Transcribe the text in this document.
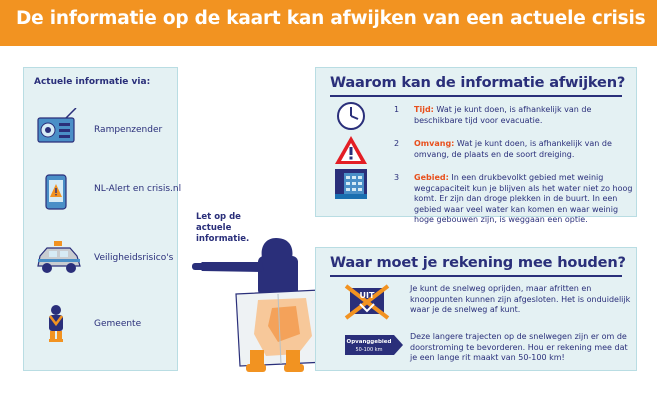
De informatie op de kaart kan afwijken van een actuele crisis
Actuele informatie via:
Rampenzender
NL-Alert en crisis.nl
Veiligheidsrisico's
Gemeente
Let op de actuele informatie.
Waarom kan de informatie afwijken?
1 Tijd: Wat je kunt doen, is afhankelijk van de beschikbare tijd voor evacuatie.
2 Omvang: Wat je kunt doen, is afhankelijk van de omvang, de plaats en de soort dreiging.
3 Gebied: In een drukbevolkt gebied met weinig wegcapaciteit kun je blijven als het water niet zo hoog komt. Er zijn dan droge plekken in de buurt. In een gebied waar veel water kan komen en waar weinig hoge gebouwen zijn, is weggaan een optie.
Waar moet je rekening mee houden?
UIT
Je kunt de snelweg oprijden, maar afritten en knooppunten kunnen zijn afgesloten. Het is onduidelijk waar je de snelweg af kunt.
Opvanggebied
50-100 km
Deze langere trajecten op de snelwegen zijn er om de doorstroming te bevorderen. Hou er rekening mee dat je een lange rit maakt van 50-100 km!
